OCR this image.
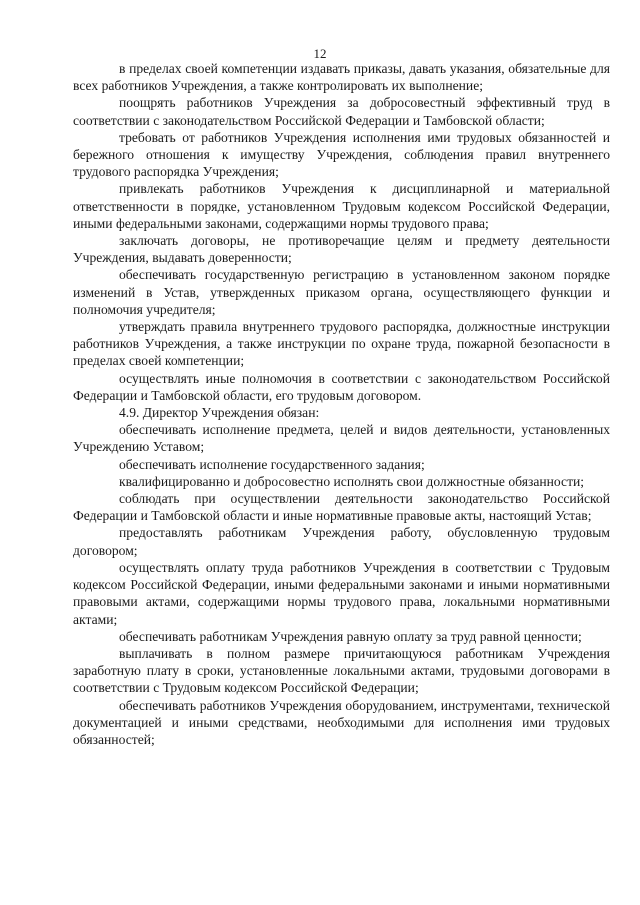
12

в пределах своей компетенции издавать приказы, давать указания, обязательные для всех работников Учреждения, а также контролировать их выполнение;

поощрять работников Учреждения за добросовестный эффективный труд в соответствии с законодательством Российской Федерации и Тамбовской области;

требовать от работников Учреждения исполнения ими трудовых обязанностей и бережного отношения к имуществу Учреждения, соблюдения правил внутреннего трудового распорядка Учреждения;

привлекать работников Учреждения к дисциплинарной и материальной ответственности в порядке, установленном Трудовым кодексом Российской Федерации, иными федеральными законами, содержащими нормы трудового права;

заключать договоры, не противоречащие целям и предмету деятельности Учреждения, выдавать доверенности;

обеспечивать государственную регистрацию в установленном законом порядке изменений в Устав, утвержденных приказом органа, осуществляющего функции и полномочия учредителя;

утверждать правила внутреннего трудового распорядка, должностные инструкции работников Учреждения, а также инструкции по охране труда, пожарной безопасности в пределах своей компетенции;

осуществлять иные полномочия в соответствии с законодательством Российской Федерации и Тамбовской области, его трудовым договором.

4.9. Директор Учреждения обязан:

обеспечивать исполнение предмета, целей и видов деятельности, установленных Учреждению Уставом;

обеспечивать исполнение государственного задания;

квалифицированно и добросовестно исполнять свои должностные обязанности;

соблюдать при осуществлении деятельности законодательство Российской Федерации и Тамбовской области и иные нормативные правовые акты, настоящий Устав;

предоставлять работникам Учреждения работу, обусловленную трудовым договором;

осуществлять оплату труда работников Учреждения в соответствии с Трудовым кодексом Российской Федерации, иными федеральными законами и иными нормативными правовыми актами, содержащими нормы трудового права, локальными нормативными актами;

обеспечивать работникам Учреждения равную оплату за труд равной ценности;

выплачивать в полном размере причитающуюся работникам Учреждения заработную плату в сроки, установленные локальными актами, трудовыми договорами в соответствии с Трудовым кодексом Российской Федерации;

обеспечивать работников Учреждения оборудованием, инструментами, технической документацией и иными средствами, необходимыми для исполнения ими трудовых обязанностей;
